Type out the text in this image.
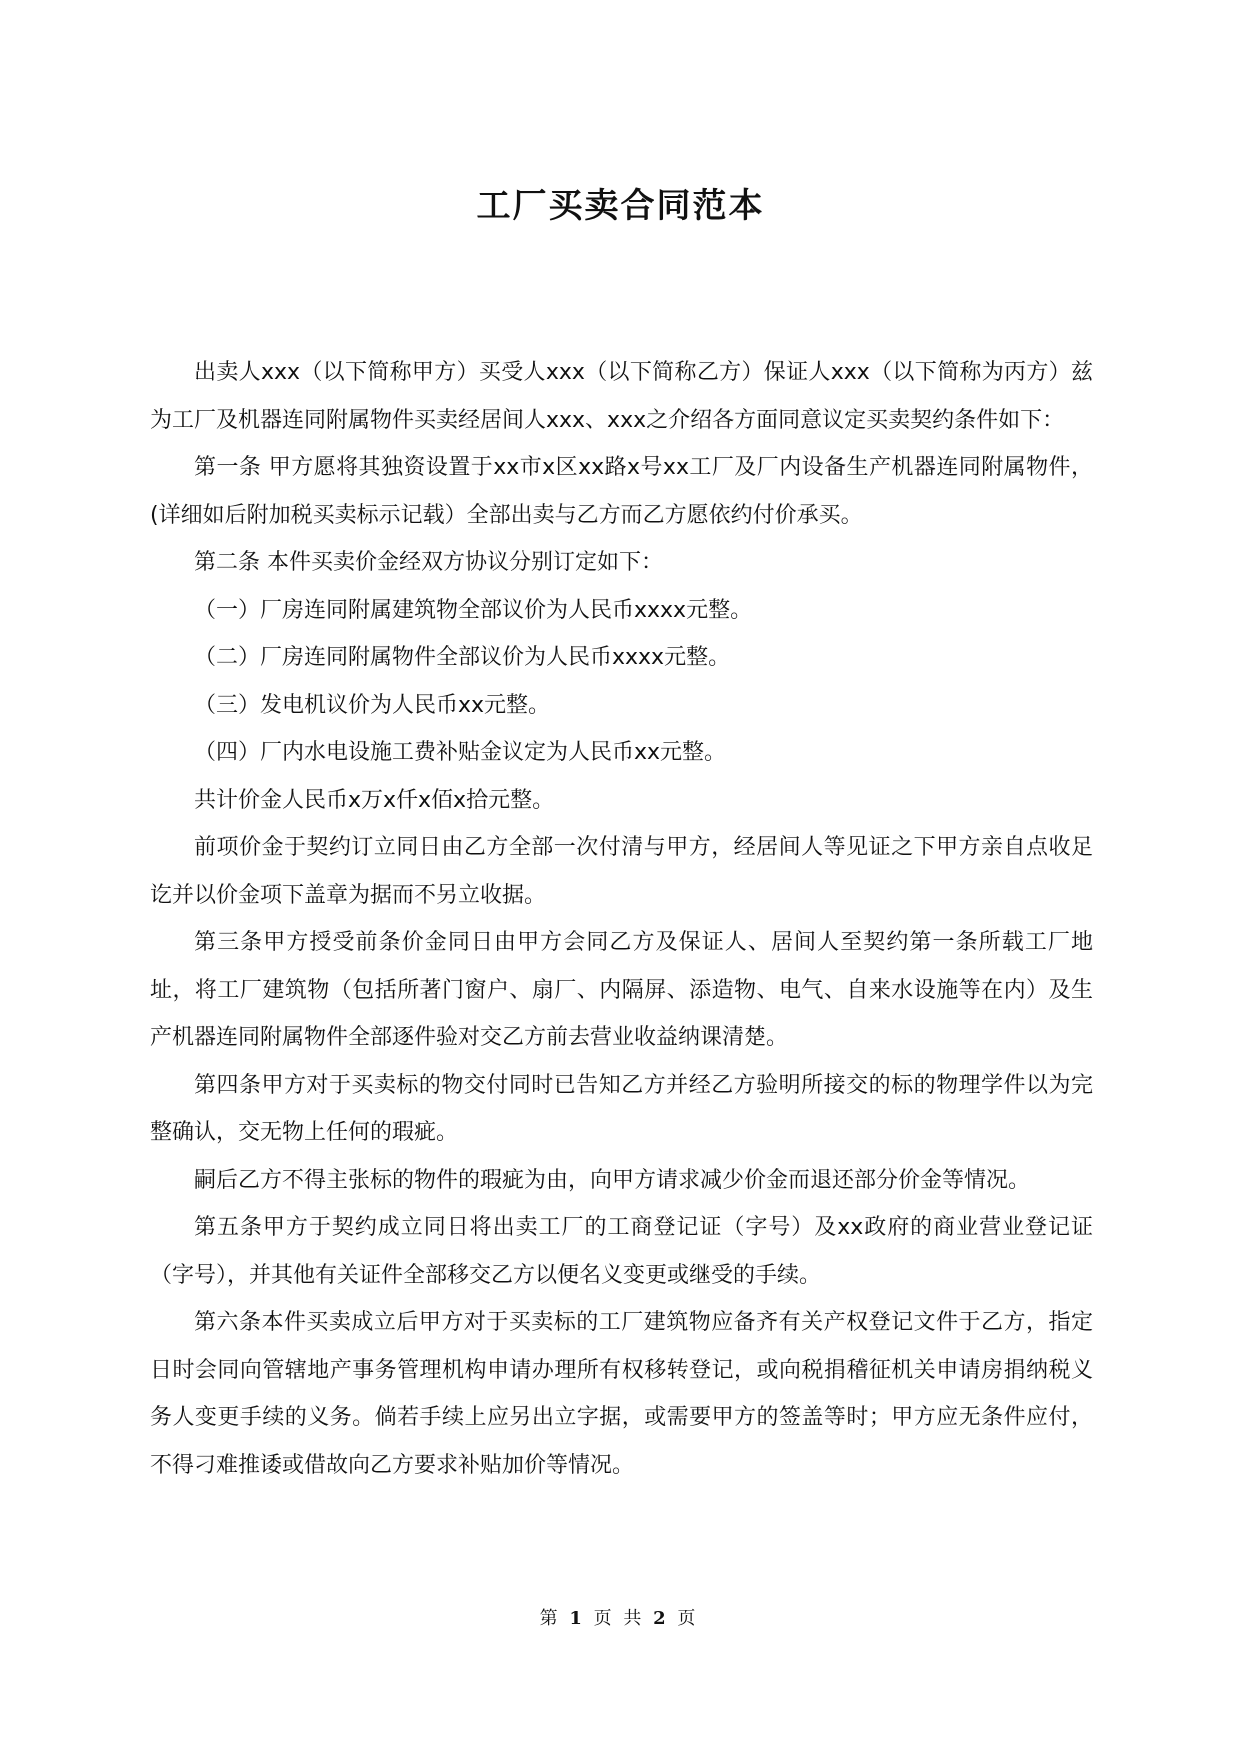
工厂买卖合同范本

出卖人xxx（以下简称甲方）买受人xxx（以下简称乙方）保证人xxx（以下简称为丙方）兹为工厂及机器连同附属物件买卖经居间人xxx、xxx之介绍各方面同意议定买卖契约条件如下：

第一条 甲方愿将其独资设置于xx市x区xx路x号xx工厂及厂内设备生产机器连同附属物件，(详细如后附加税买卖标示记载）全部出卖与乙方而乙方愿依约付价承买。

第二条 本件买卖价金经双方协议分别订定如下：

（一）厂房连同附属建筑物全部议价为人民币xxxx元整。

（二）厂房连同附属物件全部议价为人民币xxxx元整。

（三）发电机议价为人民币xx元整。

（四）厂内水电设施工费补贴金议定为人民币xx元整。

共计价金人民币x万x仟x佰x拾元整。

前项价金于契约订立同日由乙方全部一次付清与甲方，经居间人等见证之下甲方亲自点收足讫并以价金项下盖章为据而不另立收据。

第三条甲方授受前条价金同日由甲方会同乙方及保证人、居间人至契约第一条所载工厂地址，将工厂建筑物（包括所著门窗户、扇厂、内隔屏、添造物、电气、自来水设施等在内）及生产机器连同附属物件全部逐件验对交乙方前去营业收益纳课清楚。

第四条甲方对于买卖标的物交付同时已告知乙方并经乙方验明所接交的标的物理学件以为完整确认，交无物上任何的瑕疵。

嗣后乙方不得主张标的物件的瑕疵为由，向甲方请求减少价金而退还部分价金等情况。

第五条甲方于契约成立同日将出卖工厂的工商登记证（字号）及xx政府的商业营业登记证（字号），并其他有关证件全部移交乙方以便名义变更或继受的手续。

第六条本件买卖成立后甲方对于买卖标的工厂建筑物应备齐有关产权登记文件于乙方，指定日时会同向管辖地产事务管理机构申请办理所有权移转登记，或向税捐稽征机关申请房捐纳税义务人变更手续的义务。倘若手续上应另出立字据，或需要甲方的签盖等时；甲方应无条件应付，不得刁难推诿或借故向乙方要求补贴加价等情况。

第 1 页 共 2 页
